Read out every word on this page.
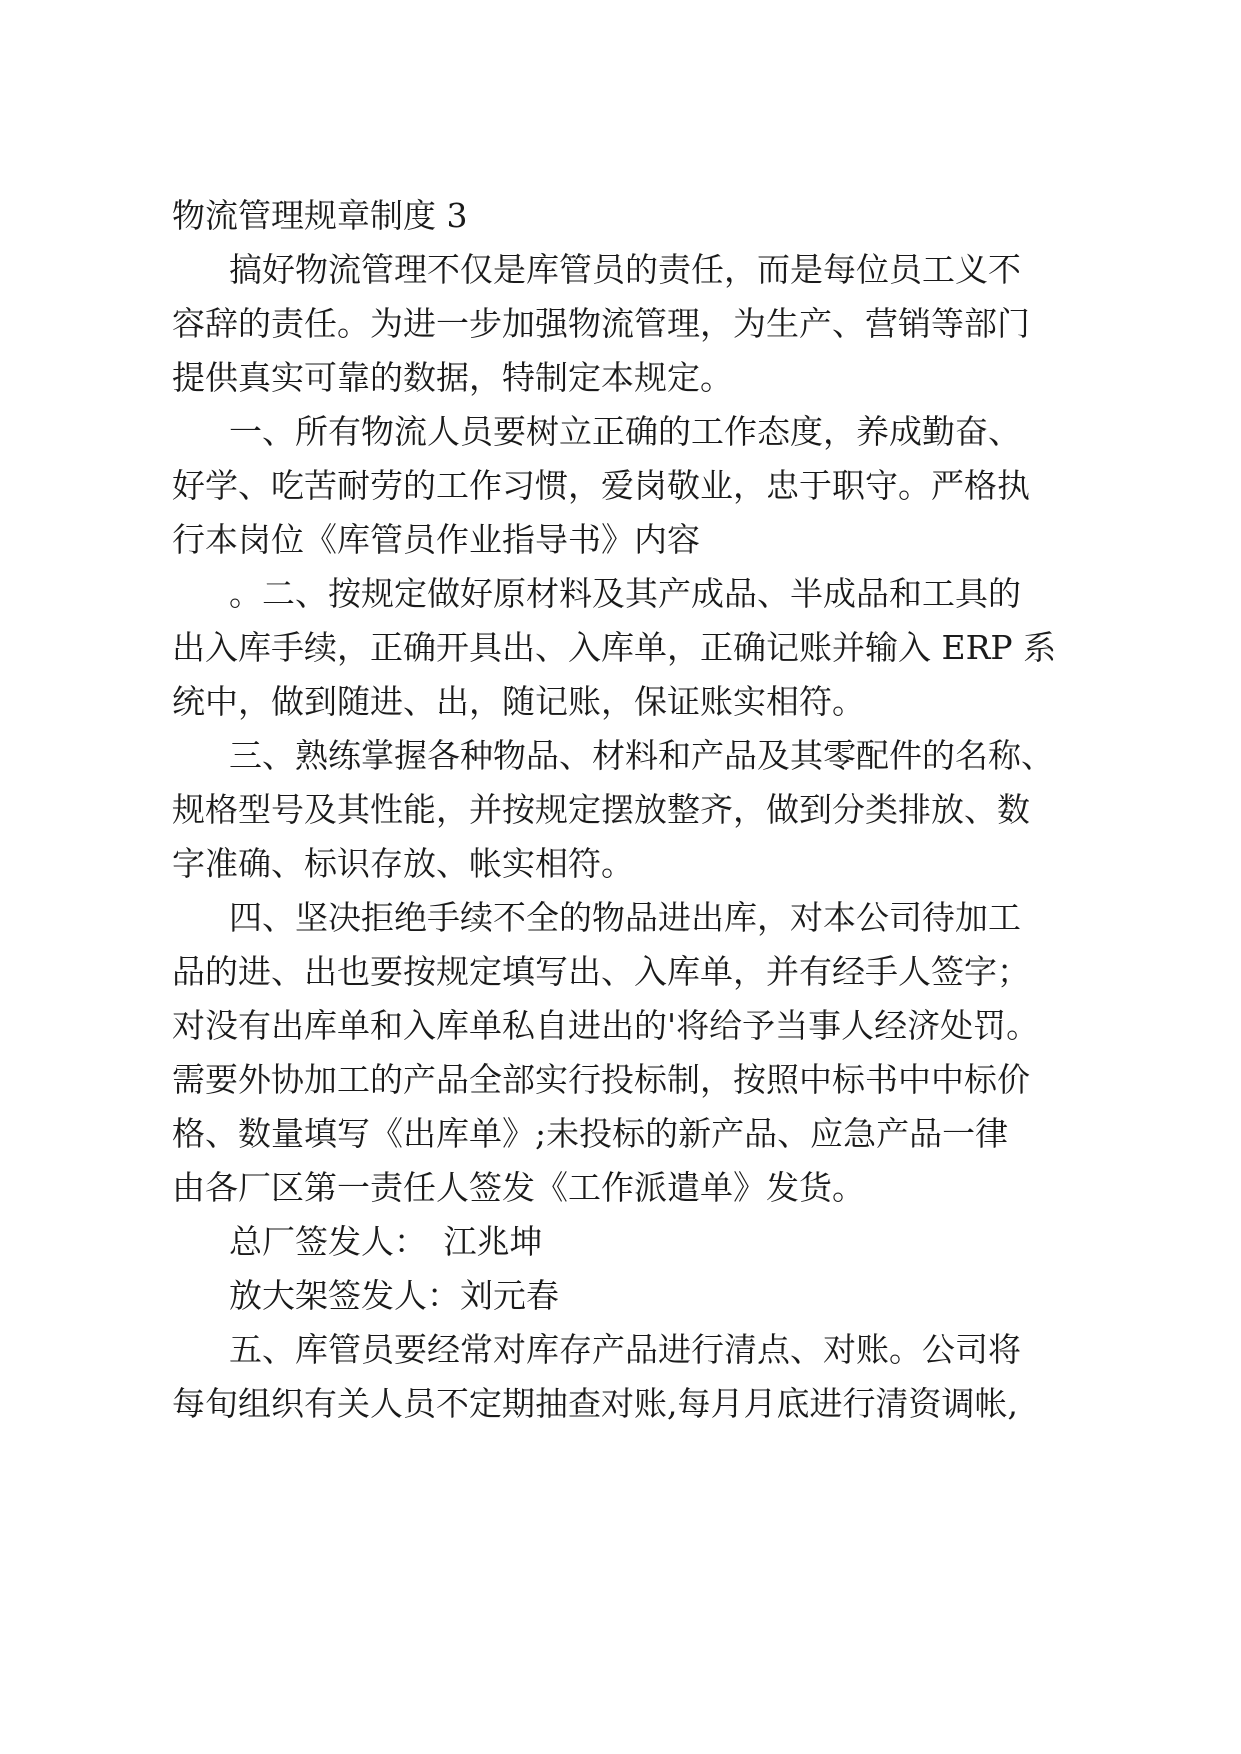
物流管理规章制度 3
搞好物流管理不仅是库管员的责任，而是每位员工义不
容辞的责任。为进一步加强物流管理，为生产、营销等部门
提供真实可靠的数据，特制定本规定。
一、所有物流人员要树立正确的工作态度，养成勤奋、
好学、吃苦耐劳的工作习惯，爱岗敬业，忠于职守。严格执
行本岗位《库管员作业指导书》内容
。二、按规定做好原材料及其产成品、半成品和工具的
出入库手续，正确开具出、入库单，正确记账并输入 ERP 系
统中，做到随进、出，随记账，保证账实相符。
三、熟练掌握各种物品、材料和产品及其零配件的名称、
规格型号及其性能，并按规定摆放整齐，做到分类排放、数
字准确、标识存放、帐实相符。
四、坚决拒绝手续不全的物品进出库，对本公司待加工
品的进、出也要按规定填写出、入库单，并有经手人签字；
对没有出库单和入库单私自进出的'将给予当事人经济处罚。
需要外协加工的产品全部实行投标制，按照中标书中中标价
格、数量填写《出库单》;未投标的新产品、应急产品一律
由各厂区第一责任人签发《工作派遣单》发货。
总厂签发人：　江兆坤
放大架签发人：刘元春
五、库管员要经常对库存产品进行清点、对账。公司将
每旬组织有关人员不定期抽查对账,每月月底进行清资调帐,
